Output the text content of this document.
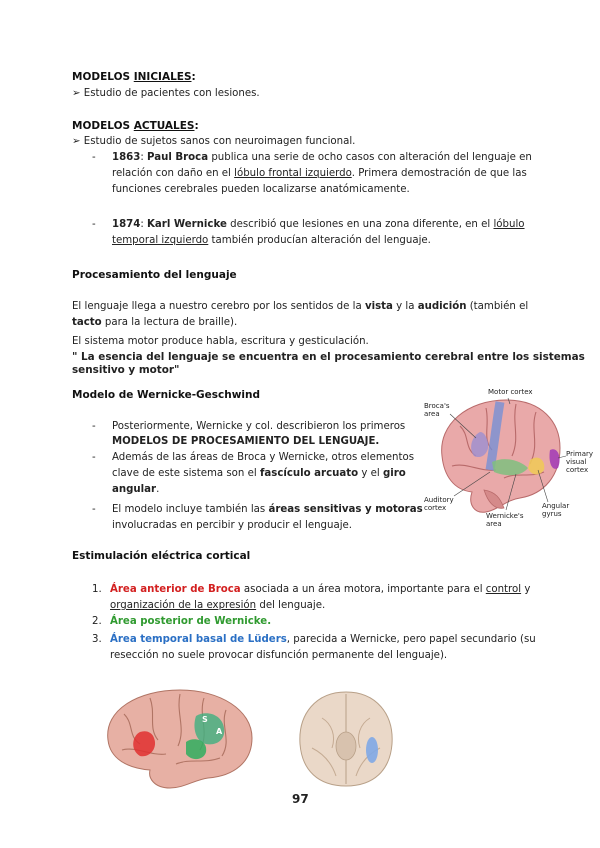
MODELOS INICIALES:
➢ Estudio de pacientes con lesiones.
MODELOS ACTUALES:
➢ Estudio de sujetos sanos con neuroimagen funcional.
- 1863: Paul Broca publica una serie de ocho casos con alteración del lenguaje en
relación con daño en el lóbulo frontal izquierdo. Primera demostración de que las
funciones cerebrales pueden localizarse anatómicamente.
- 1874: Karl Wernicke describió que lesiones en una zona diferente, en el lóbulo
temporal izquierdo también producían alteración del lenguaje.
Procesamiento del lenguaje
El lenguaje llega a nuestro cerebro por los sentidos de la vista y la audición (también el
tacto para la lectura de braille).
El sistema motor produce habla, escritura y gesticulación.
" La esencia del lenguaje se encuentra en el procesamiento cerebral entre los sistemas
sensitivo y motor"
Modelo de Wernicke-Geschwind
- Posteriormente, Wernicke y col. describieron los primeros
MODELOS DE PROCESAMIENTO DEL LENGUAJE.
- Además de las áreas de Broca y Wernicke, otros elementos
clave de este sistema son el fascículo arcuato y el giro
angular.
- El modelo incluye también las áreas sensitivas y motoras
involucradas en percibir y producir el lenguaje.
Motor cortex
Broca's area
Auditory cortex
Wernicke's area
Angular gyrus
Primary visual cortex
Estimulación eléctrica cortical
1. Área anterior de Broca asociada a un área motora, importante para el control y
organización de la expresión del lenguaje.
2. Área posterior de Wernicke.
3. Área temporal basal de Lüders, parecida a Wernicke, pero papel secundario (su
resección no suele provocar disfunción permanente del lenguaje).
S
A
97
